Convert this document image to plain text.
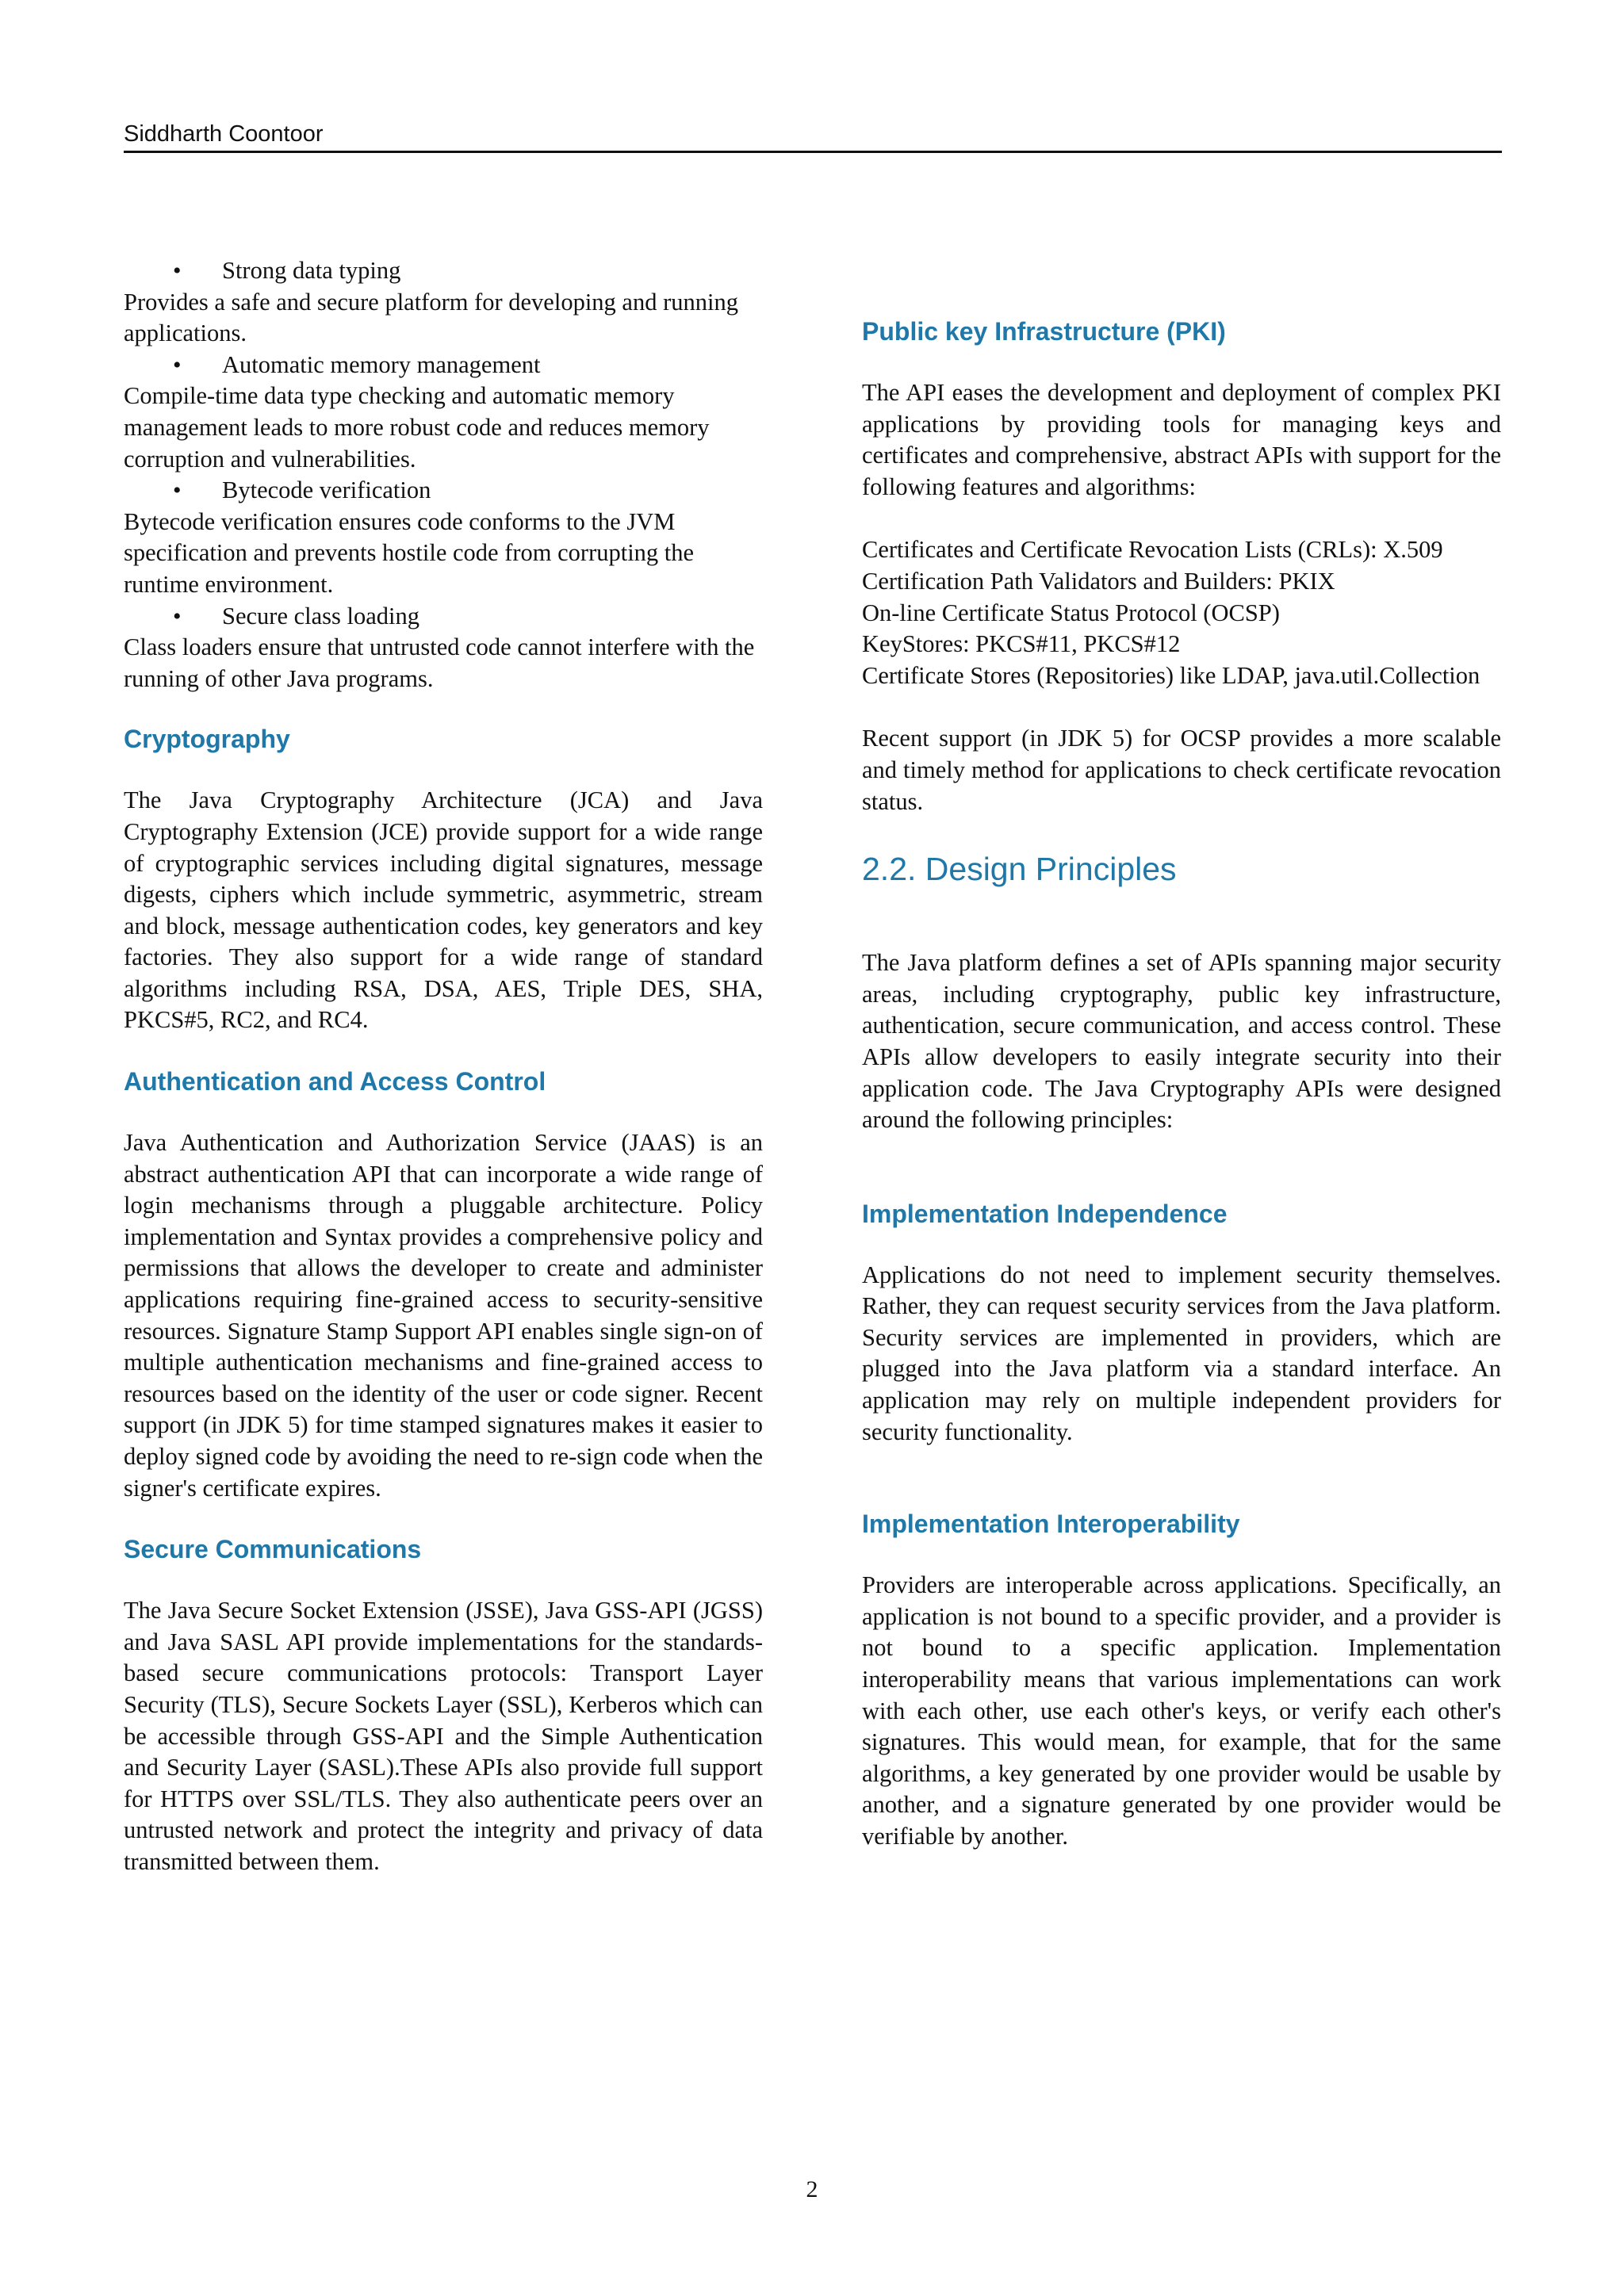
Siddharth Coontoor
• Strong data typing

Provides a safe and secure platform for developing and running applications.

• Automatic memory management

Compile-time data type checking and automatic memory management leads to more robust code and reduces memory corruption and vulnerabilities.

• Bytecode verification

Bytecode verification ensures code conforms to the JVM specification and prevents hostile code from corrupting the runtime environment.

• Secure class loading

Class loaders ensure that untrusted code cannot interfere with the running of other Java programs.

Cryptography

The Java Cryptography Architecture (JCA) and Java Cryptography Extension (JCE) provide support for a wide range of cryptographic services including digital signatures, message digests, ciphers which include symmetric, asymmetric, stream and block, message authentication codes, key generators and key factories. They also support for a wide range of standard algorithms including RSA, DSA, AES, Triple DES, SHA, PKCS#5, RC2, and RC4.

Authentication and Access Control

Java Authentication and Authorization Service (JAAS) is an abstract authentication API that can incorporate a wide range of login mechanisms through a pluggable architecture. Policy implementation and Syntax provides a comprehensive policy and permissions that allows the developer to create and administer applications requiring fine-grained access to security-sensitive resources. Signature Stamp Support API enables single sign-on of multiple authentication mechanisms and fine-grained access to resources based on the identity of the user or code signer. Recent support (in JDK 5) for time stamped signatures makes it easier to deploy signed code by avoiding the need to re-sign code when the signer's certificate expires.

Secure Communications

The Java Secure Socket Extension (JSSE), Java GSS-API (JGSS) and Java SASL API provide implementations for the standards-based secure communications protocols: Transport Layer Security (TLS), Secure Sockets Layer (SSL), Kerberos which can be accessible through GSS-API and the Simple Authentication and Security Layer (SASL).These APIs also provide full support for HTTPS over SSL/TLS. They also authenticate peers over an untrusted network and protect the integrity and privacy of data transmitted between them.

Public key Infrastructure (PKI)

The API eases the development and deployment of complex PKI applications by providing tools for managing keys and certificates and comprehensive, abstract APIs with support for the following features and algorithms:

Certificates and Certificate Revocation Lists (CRLs): X.509

Certification Path Validators and Builders: PKIX

On-line Certificate Status Protocol (OCSP)

KeyStores: PKCS#11, PKCS#12

Certificate Stores (Repositories) like LDAP, java.util.Collection

Recent support (in JDK 5) for OCSP provides a more scalable and timely method for applications to check certificate revocation status.

2.2. Design Principles

The Java platform defines a set of APIs spanning major security areas, including cryptography, public key infrastructure, authentication, secure communication, and access control. These APIs allow developers to easily integrate security into their application code. The Java Cryptography APIs were designed around the following principles:

Implementation Independence

Applications do not need to implement security themselves. Rather, they can request security services from the Java platform. Security services are implemented in providers, which are plugged into the Java platform via a standard interface. An application may rely on multiple independent providers for security functionality.

Implementation Interoperability

Providers are interoperable across applications. Specifically, an application is not bound to a specific provider, and a provider is not bound to a specific application. Implementation interoperability means that various implementations can work with each other, use each other's keys, or verify each other's signatures. This would mean, for example, that for the same algorithms, a key generated by one provider would be usable by another, and a signature generated by one provider would be verifiable by another.

2
